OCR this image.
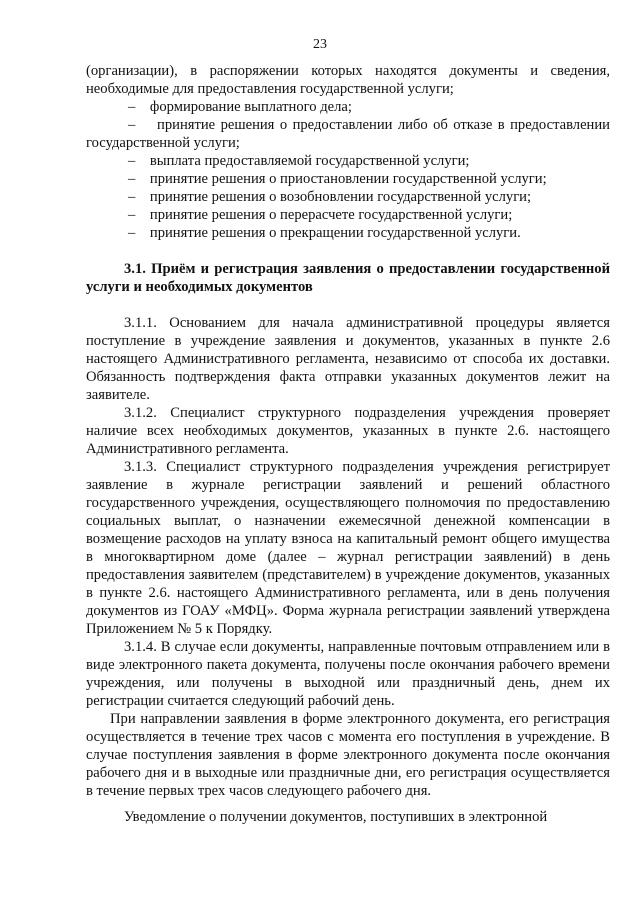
23

(организации), в распоряжении которых находятся документы и сведения, необходимые для предоставления государственной услуги;

–    формирование выплатного дела;

–    принятие решения о предоставлении либо об отказе в предоставлении государственной услуги;

–    выплата предоставляемой государственной услуги;

–    принятие решения о приостановлении государственной услуги;

–    принятие решения о возобновлении государственной услуги;

–    принятие решения о перерасчете государственной услуги;

–    принятие решения о прекращении государственной услуги.

3.1. Приём и регистрация заявления о предоставлении государственной услуги и необходимых документов

3.1.1. Основанием для начала административной процедуры является поступление в учреждение заявления и документов, указанных в пункте 2.6 настоящего Административного регламента, независимо от способа их доставки. Обязанность подтверждения факта отправки указанных документов лежит на заявителе.

3.1.2. Специалист структурного подразделения учреждения проверяет наличие всех необходимых документов, указанных в пункте 2.6. настоящего Административного регламента.

3.1.3. Специалист структурного подразделения учреждения регистрирует заявление в журнале регистрации заявлений и решений областного государственного учреждения, осуществляющего полномочия по предоставлению социальных выплат, о назначении ежемесячной денежной компенсации в возмещение расходов на уплату взноса на капитальный ремонт общего имущества в многоквартирном доме (далее – журнал регистрации заявлений) в день предоставления заявителем (представителем) в учреждение документов, указанных в пункте 2.6. настоящего Административного регламента, или в день получения документов из ГОАУ «МФЦ». Форма журнала регистрации заявлений утверждена Приложением № 5 к Порядку.

3.1.4. В случае если документы, направленные почтовым отправлением или в виде электронного пакета документа, получены после окончания рабочего времени учреждения, или получены в выходной или праздничный день, днем их регистрации считается следующий рабочий день.

При направлении заявления в форме электронного документа, его регистрация осуществляется в течение трех часов с момента его поступления в учреждение. В случае поступления заявления в форме электронного документа после окончания рабочего дня и в выходные или праздничные дни, его регистрация осуществляется в течение первых трех часов следующего рабочего дня.

Уведомление о получении документов, поступивших в электронной
